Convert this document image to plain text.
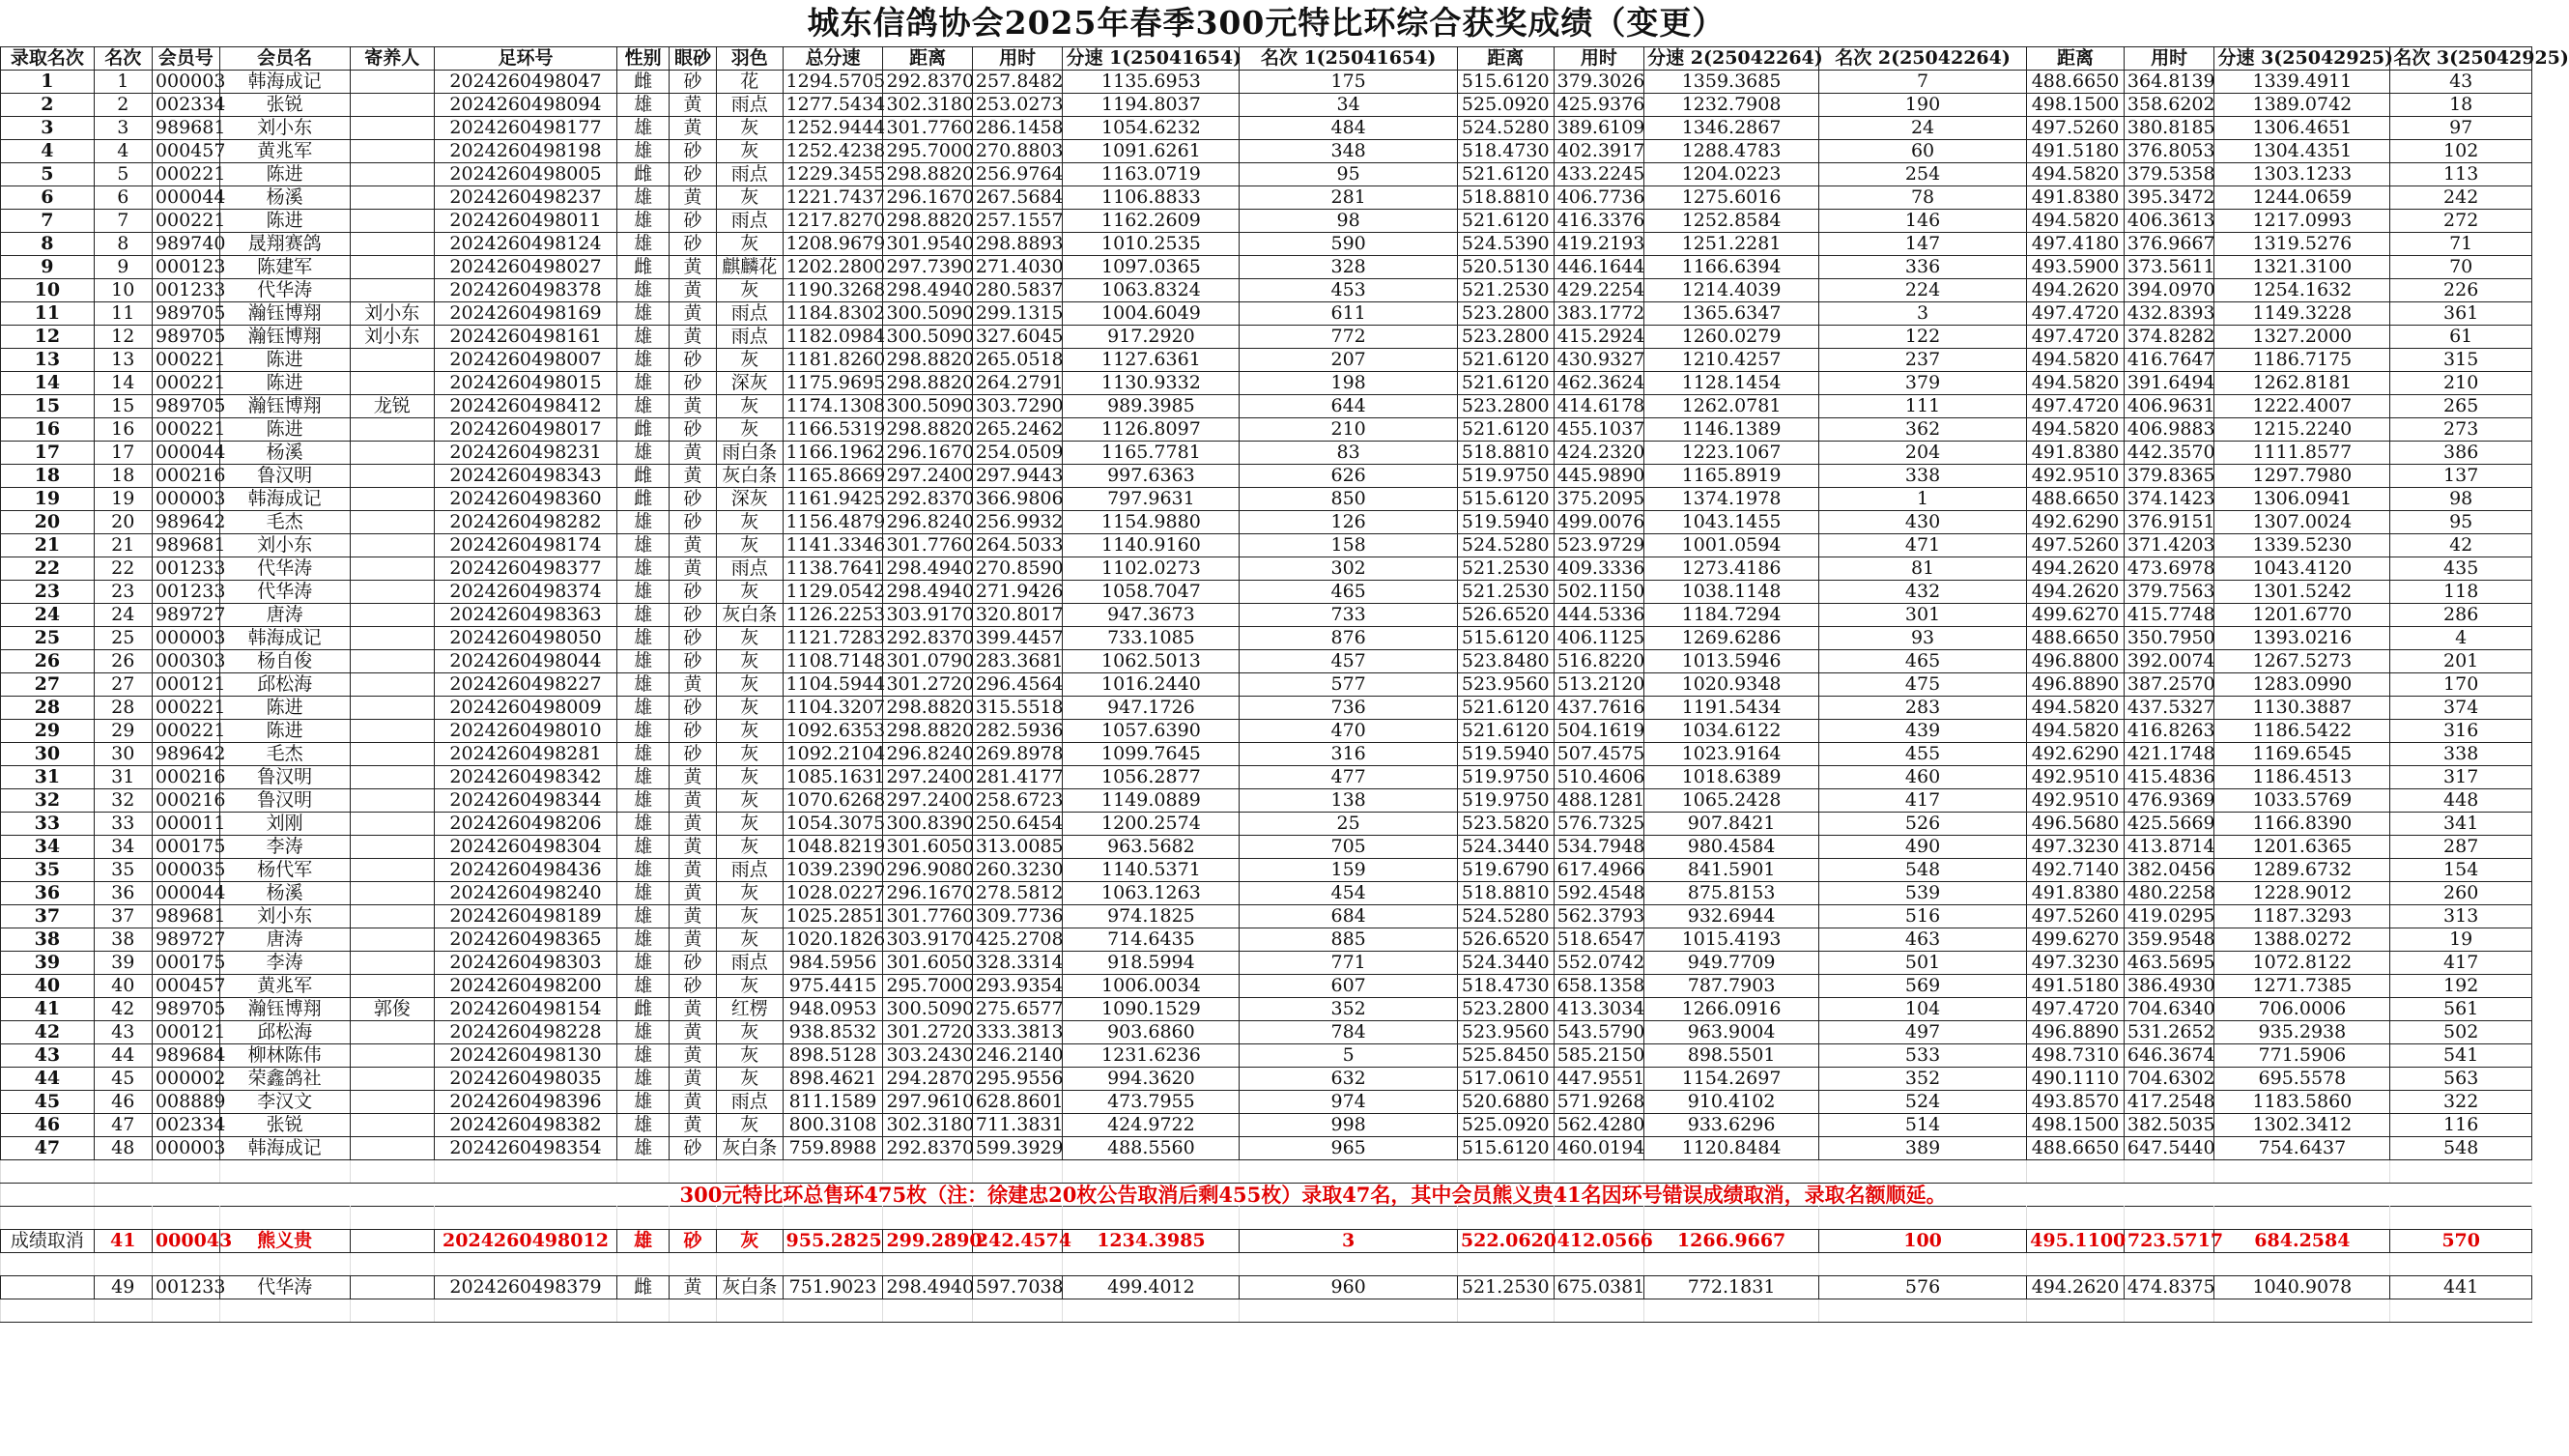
城东信鸽协会2025年春季300元特比环综合获奖成绩（变更）
录取名次	名次	会员号	会员名	寄养人	足环号	性别	眼砂	羽色	总分速	距离	用时	分速 1(25041654)	名次 1(25041654)	距离	用时	分速 2(25042264)	名次 2(25042264)	距离	用时	分速 3(25042925)	名次 3(25042925)
1	1	000003	韩海成记		2024260498047	雌	砂	花	1294.5705	292.8370	257.8482	1135.6953	175	515.6120	379.3026	1359.3685	7	488.6650	364.8139	1339.4911	43
2	2	002334	张锐		2024260498094	雄	黄	雨点	1277.5434	302.3180	253.0273	1194.8037	34	525.0920	425.9376	1232.7908	190	498.1500	358.6202	1389.0742	18
3	3	989681	刘小东		2024260498177	雄	黄	灰	1252.9444	301.7760	286.1458	1054.6232	484	524.5280	389.6109	1346.2867	24	497.5260	380.8185	1306.4651	97
4	4	000457	黄兆军		2024260498198	雄	砂	灰	1252.4238	295.7000	270.8803	1091.6261	348	518.4730	402.3917	1288.4783	60	491.5180	376.8053	1304.4351	102
5	5	000221	陈进		2024260498005	雌	砂	雨点	1229.3455	298.8820	256.9764	1163.0719	95	521.6120	433.2245	1204.0223	254	494.5820	379.5358	1303.1233	113
6	6	000044	杨溪		2024260498237	雄	黄	灰	1221.7437	296.1670	267.5684	1106.8833	281	518.8810	406.7736	1275.6016	78	491.8380	395.3472	1244.0659	242
7	7	000221	陈进		2024260498011	雄	砂	雨点	1217.8270	298.8820	257.1557	1162.2609	98	521.6120	416.3376	1252.8584	146	494.5820	406.3613	1217.0993	272
8	8	989740	晟翔赛鸽		2024260498124	雄	砂	灰	1208.9679	301.9540	298.8893	1010.2535	590	524.5390	419.2193	1251.2281	147	497.4180	376.9667	1319.5276	71
9	9	000123	陈建军		2024260498027	雌	黄	麒麟花	1202.2800	297.7390	271.4030	1097.0365	328	520.5130	446.1644	1166.6394	336	493.5900	373.5611	1321.3100	70
10	10	001233	代华涛		2024260498378	雄	黄	灰	1190.3268	298.4940	280.5837	1063.8324	453	521.2530	429.2254	1214.4039	224	494.2620	394.0970	1254.1632	226
11	11	989705	瀚钰博翔	刘小东	2024260498169	雄	黄	雨点	1184.8302	300.5090	299.1315	1004.6049	611	523.2800	383.1772	1365.6347	3	497.4720	432.8393	1149.3228	361
12	12	989705	瀚钰博翔	刘小东	2024260498161	雄	黄	雨点	1182.0984	300.5090	327.6045	917.2920	772	523.2800	415.2924	1260.0279	122	497.4720	374.8282	1327.2000	61
13	13	000221	陈进		2024260498007	雄	砂	灰	1181.8260	298.8820	265.0518	1127.6361	207	521.6120	430.9327	1210.4257	237	494.5820	416.7647	1186.7175	315
14	14	000221	陈进		2024260498015	雄	砂	深灰	1175.9695	298.8820	264.2791	1130.9332	198	521.6120	462.3624	1128.1454	379	494.5820	391.6494	1262.8181	210
15	15	989705	瀚钰博翔	龙锐	2024260498412	雄	黄	灰	1174.1308	300.5090	303.7290	989.3985	644	523.2800	414.6178	1262.0781	111	497.4720	406.9631	1222.4007	265
16	16	000221	陈进		2024260498017	雌	砂	灰	1166.5319	298.8820	265.2462	1126.8097	210	521.6120	455.1037	1146.1389	362	494.5820	406.9883	1215.2240	273
17	17	000044	杨溪		2024260498231	雄	黄	雨白条	1166.1962	296.1670	254.0509	1165.7781	83	518.8810	424.2320	1223.1067	204	491.8380	442.3570	1111.8577	386
18	18	000216	鲁汉明		2024260498343	雌	黄	灰白条	1165.8669	297.2400	297.9443	997.6363	626	519.9750	445.9890	1165.8919	338	492.9510	379.8365	1297.7980	137
19	19	000003	韩海成记		2024260498360	雌	砂	深灰	1161.9425	292.8370	366.9806	797.9631	850	515.6120	375.2095	1374.1978	1	488.6650	374.1423	1306.0941	98
20	20	989642	毛杰		2024260498282	雄	砂	灰	1156.4879	296.8240	256.9932	1154.9880	126	519.5940	499.0076	1043.1455	430	492.6290	376.9151	1307.0024	95
21	21	989681	刘小东		2024260498174	雄	黄	灰	1141.3346	301.7760	264.5033	1140.9160	158	524.5280	523.9729	1001.0594	471	497.5260	371.4203	1339.5230	42
22	22	001233	代华涛		2024260498377	雄	黄	雨点	1138.7641	298.4940	270.8590	1102.0273	302	521.2530	409.3336	1273.4186	81	494.2620	473.6978	1043.4120	435
23	23	001233	代华涛		2024260498374	雄	砂	灰	1129.0542	298.4940	271.9426	1058.7047	465	521.2530	502.1150	1038.1148	432	494.2620	379.7563	1301.5242	118
24	24	989727	唐涛		2024260498363	雄	砂	灰白条	1126.2253	303.9170	320.8017	947.3673	733	526.6520	444.5336	1184.7294	301	499.6270	415.7748	1201.6770	286
25	25	000003	韩海成记		2024260498050	雄	砂	灰	1121.7283	292.8370	399.4457	733.1085	876	515.6120	406.1125	1269.6286	93	488.6650	350.7950	1393.0216	4
26	26	000303	杨自俊		2024260498044	雄	砂	灰	1108.7148	301.0790	283.3681	1062.5013	457	523.8480	516.8220	1013.5946	465	496.8800	392.0074	1267.5273	201
27	27	000121	邱松海		2024260498227	雄	黄	灰	1104.5944	301.2720	296.4564	1016.2440	577	523.9560	513.2120	1020.9348	475	496.8890	387.2570	1283.0990	170
28	28	000221	陈进		2024260498009	雄	砂	灰	1104.3207	298.8820	315.5518	947.1726	736	521.6120	437.7616	1191.5434	283	494.5820	437.5327	1130.3887	374
29	29	000221	陈进		2024260498010	雄	砂	灰	1092.6353	298.8820	282.5936	1057.6390	470	521.6120	504.1619	1034.6122	439	494.5820	416.8263	1186.5422	316
30	30	989642	毛杰		2024260498281	雄	砂	灰	1092.2104	296.8240	269.8978	1099.7645	316	519.5940	507.4575	1023.9164	455	492.6290	421.1748	1169.6545	338
31	31	000216	鲁汉明		2024260498342	雄	黄	灰	1085.1631	297.2400	281.4177	1056.2877	477	519.9750	510.4606	1018.6389	460	492.9510	415.4836	1186.4513	317
32	32	000216	鲁汉明		2024260498344	雄	黄	灰	1070.6268	297.2400	258.6723	1149.0889	138	519.9750	488.1281	1065.2428	417	492.9510	476.9369	1033.5769	448
33	33	000011	刘刚		2024260498206	雄	黄	灰	1054.3075	300.8390	250.6454	1200.2574	25	523.5820	576.7325	907.8421	526	496.5680	425.5669	1166.8390	341
34	34	000175	李涛		2024260498304	雄	黄	灰	1048.8219	301.6050	313.0085	963.5682	705	524.3440	534.7948	980.4584	490	497.3230	413.8714	1201.6365	287
35	35	000035	杨代军		2024260498436	雄	黄	雨点	1039.2390	296.9080	260.3230	1140.5371	159	519.6790	617.4966	841.5901	548	492.7140	382.0456	1289.6732	154
36	36	000044	杨溪		2024260498240	雄	黄	灰	1028.0227	296.1670	278.5812	1063.1263	454	518.8810	592.4548	875.8153	539	491.8380	480.2258	1228.9012	260
37	37	989681	刘小东		2024260498189	雄	黄	灰	1025.2851	301.7760	309.7736	974.1825	684	524.5280	562.3793	932.6944	516	497.5260	419.0295	1187.3293	313
38	38	989727	唐涛		2024260498365	雄	黄	灰	1020.1826	303.9170	425.2708	714.6435	885	526.6520	518.6547	1015.4193	463	499.6270	359.9548	1388.0272	19
39	39	000175	李涛		2024260498303	雄	砂	雨点	984.5956	301.6050	328.3314	918.5994	771	524.3440	552.0742	949.7709	501	497.3230	463.5695	1072.8122	417
40	40	000457	黄兆军		2024260498200	雄	砂	灰	975.4415	295.7000	293.9354	1006.0034	607	518.4730	658.1358	787.7903	569	491.5180	386.4930	1271.7385	192
41	42	989705	瀚钰博翔	郭俊	2024260498154	雌	黄	红楞	948.0953	300.5090	275.6577	1090.1529	352	523.2800	413.3034	1266.0916	104	497.4720	704.6340	706.0006	561
42	43	000121	邱松海		2024260498228	雄	黄	灰	938.8532	301.2720	333.3813	903.6860	784	523.9560	543.5790	963.9004	497	496.8890	531.2652	935.2938	502
43	44	989684	柳林陈伟		2024260498130	雄	黄	灰	898.5128	303.2430	246.2140	1231.6236	5	525.8450	585.2150	898.5501	533	498.7310	646.3674	771.5906	541
44	45	000002	荣鑫鸽社		2024260498035	雄	黄	灰	898.4621	294.2870	295.9556	994.3620	632	517.0610	447.9551	1154.2697	352	490.1110	704.6302	695.5578	563
45	46	008889	李汉文		2024260498396	雄	黄	雨点	811.1589	297.9610	628.8601	473.7955	974	520.6880	571.9268	910.4102	524	493.8570	417.2548	1183.5860	322
46	47	002334	张锐		2024260498382	雄	黄	灰	800.3108	302.3180	711.3831	424.9722	998	525.0920	562.4280	933.6296	514	498.1500	382.5035	1302.3412	116
47	48	000003	韩海成记		2024260498354	雄	砂	灰白条	759.8988	292.8370	599.3929	488.5560	965	515.6120	460.0194	1120.8484	389	488.6650	647.5440	754.6437	548

	300元特比环总售环475枚（注：徐建忠20枚公告取消后剩455枚）录取47名，其中会员熊义贵41名因环号错误成绩取消，录取名额顺延。																				

成绩取消	41	000043	熊义贵		2024260498012	雄	砂	灰	955.2825	299.2890	242.4574	1234.3985	3	522.0620	412.0566	1266.9667	100	495.1100	723.5717	684.2584	570

	49	001233	代华涛		2024260498379	雌	黄	灰白条	751.9023	298.4940	597.7038	499.4012	960	521.2530	675.0381	772.1831	576	494.2620	474.8375	1040.9078	441
